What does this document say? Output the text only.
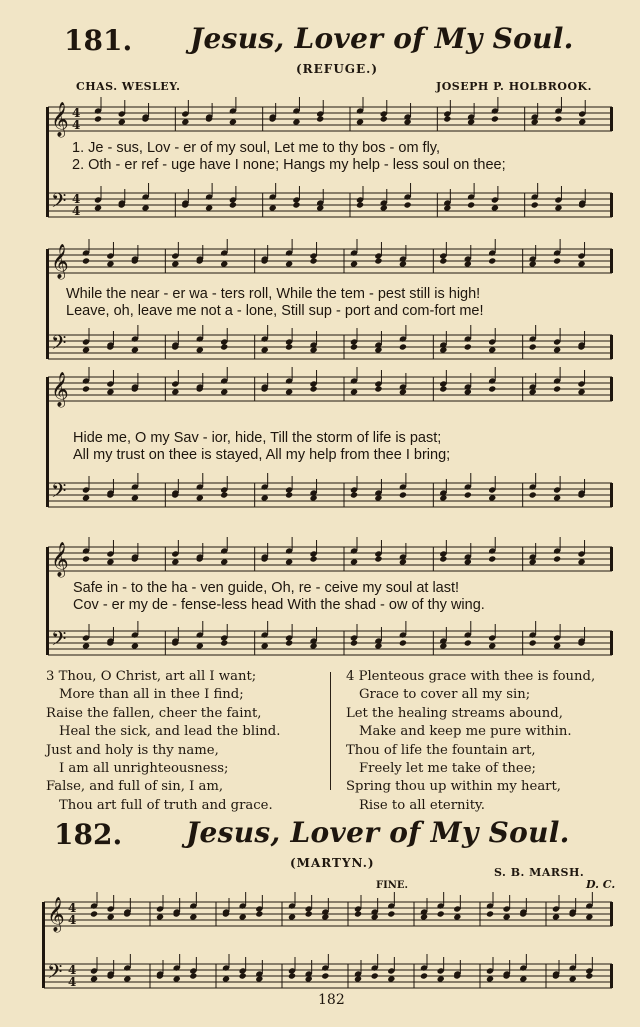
181. Jesus, Lover of My Soul.
(REFUGE.)
CHAS. WESLEY.	JOSEPH P. HOLBROOK.
𝄞
𝄢
4
4
4
4
𝄞
𝄢
𝄞
𝄢
𝄞
𝄢
1. Je - sus, Lov - er of my soul, Let me to thy bos - om fly,
2. Oth - er ref - uge have I none; Hangs my help - less soul on thee;
While the near - er wa - ters roll, While the tem - pest still is high!
Leave, oh, leave me not a - lone, Still sup - port and com-fort me!
Hide me, O my Sav - ior, hide, Till the storm of life is past;
All my trust on thee is stayed, All my help from thee I bring;
Safe in - to the ha - ven guide, Oh, re - ceive my soul at last!
Cov - er my de - fense-less head With the shad - ow of thy wing.
3 Thou, O Christ, art all I want;
More than all in thee I find;
Raise the fallen, cheer the faint,
Heal the sick, and lead the blind.
Just and holy is thy name,
I am all unrighteousness;
False, and full of sin, I am,
Thou art full of truth and grace.
4 Plenteous grace with thee is found,
Grace to cover all my sin;
Let the healing streams abound,
Make and keep me pure within.
Thou of life the fountain art,
Freely let me take of thee;
Spring thou up within my heart,
Rise to all eternity.
182. Jesus, Lover of My Soul.
(MARTYN.)
S. B. MARSH.
FINE.	D. C.
𝄞
𝄢
4
4
4
4
182
